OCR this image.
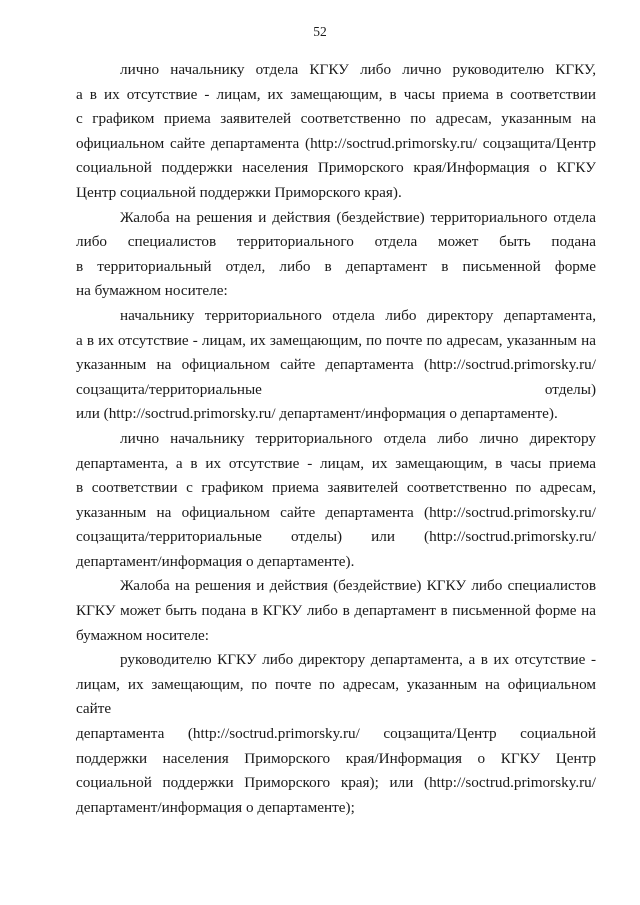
52

лично начальнику отдела КГКУ либо лично руководителю КГКУ,
а в их отсутствие - лицам, их замещающим, в часы приема в соответствии
с графиком приема заявителей соответственно по адресам, указанным на
официальном сайте департамента (http://soctrud.primorsky.ru/ соцзащита/Центр
социальной поддержки населения Приморского края/Информация о КГКУ
Центр социальной поддержки Приморского края).

Жалоба на решения и действия (бездействие) территориального отдела
либо специалистов территориального отдела может быть подана
в территориальный отдел, либо в департамент в письменной форме
на бумажном носителе:

начальнику территориального отдела либо директору департамента,
а в их отсутствие - лицам, их замещающим, по почте по адресам, указанным на
указанным на официальном сайте департамента (http://soctrud.primorsky.ru/
соцзащита/территориальные отделы)
или (http://soctrud.primorsky.ru/ департамент/информация о департаменте).

лично начальнику территориального отдела либо лично директору
департамента, а в их отсутствие - лицам, их замещающим, в часы приема
в соответствии с графиком приема заявителей соответственно по адресам,
указанным на официальном сайте департамента (http://soctrud.primorsky.ru/
соцзащита/территориальные отделы) или (http://soctrud.primorsky.ru/
департамент/информация о департаменте).

Жалоба на решения и действия (бездействие) КГКУ либо специалистов
КГКУ может быть подана в КГКУ либо в департамент в письменной форме на
бумажном носителе:

руководителю КГКУ либо директору департамента, а в их отсутствие -
лицам, их замещающим, по почте по адресам, указанным на официальном сайте
департамента (http://soctrud.primorsky.ru/ соцзащита/Центр социальной
поддержки населения Приморского края/Информация о КГКУ Центр
социальной поддержки Приморского края); или (http://soctrud.primorsky.ru/
департамент/информация о департаменте);
